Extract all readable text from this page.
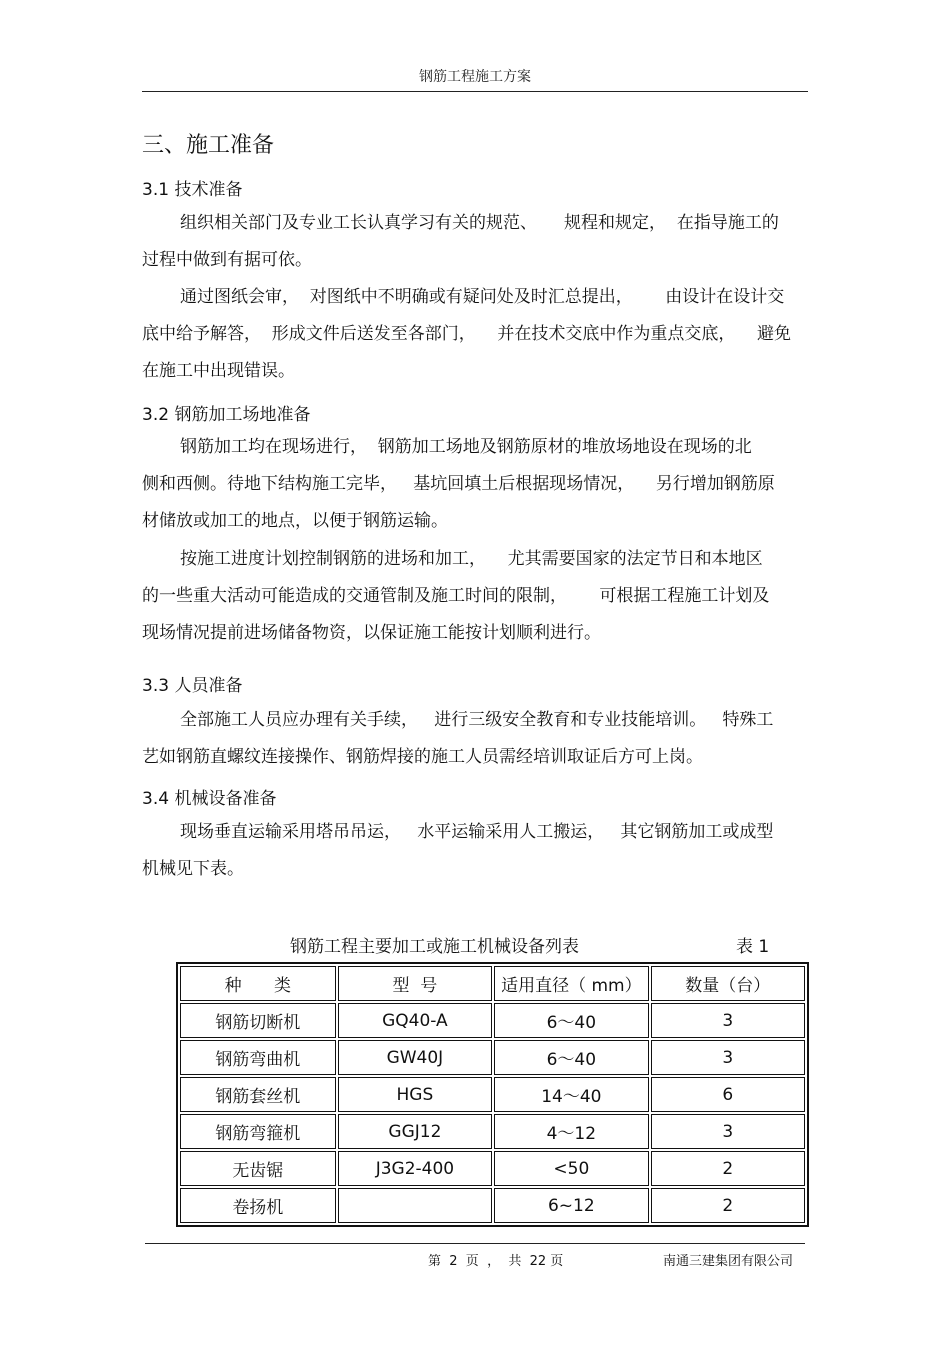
钢筋工程施工方案
三、施工准备
3.1 技术准备
组织相关部门及专业工长认真学习有关的规范、     规程和规定，  在指导施工的
过程中做到有据可依。
通过图纸会审，  对图纸中不明确或有疑问处及时汇总提出，      由设计在设计交
底中给予解答，  形成文件后送发至各部门，    并在技术交底中作为重点交底，    避免
在施工中出现错误。
3.2 钢筋加工场地准备
钢筋加工均在现场进行，  钢筋加工场地及钢筋原材的堆放场地设在现场的北
侧和西侧。待地下结构施工完毕，   基坑回填土后根据现场情况，    另行增加钢筋原
材储放或加工的地点，以便于钢筋运输。
按施工进度计划控制钢筋的进场和加工，    尤其需要国家的法定节日和本地区
的一些重大活动可能造成的交通管制及施工时间的限制，      可根据工程施工计划及
现场情况提前进场储备物资，以保证施工能按计划顺利进行。
3.3 人员准备
全部施工人员应办理有关手续，   进行三级安全教育和专业技能培训。   特殊工
艺如钢筋直螺纹连接操作、钢筋焊接的施工人员需经培训取证后方可上岗。
3.4 机械设备准备
现场垂直运输采用塔吊吊运，   水平运输采用人工搬运，   其它钢筋加工或成型
机械见下表。
钢筋工程主要加工或施工机械设备列表	表 1
种      类	型  号	适用直径（ mm）	数量（台）
钢筋切断机	GQ40-A	6～40	3
钢筋弯曲机	GW40J	6～40	3
钢筋套丝机	HGS	14～40	6
钢筋弯箍机	GGJ12	4～12	3
无齿锯	J3G2-400	<50	2
卷扬机		6~12	2
第  2  页  ，  共  22 页	南通三建集团有限公司
